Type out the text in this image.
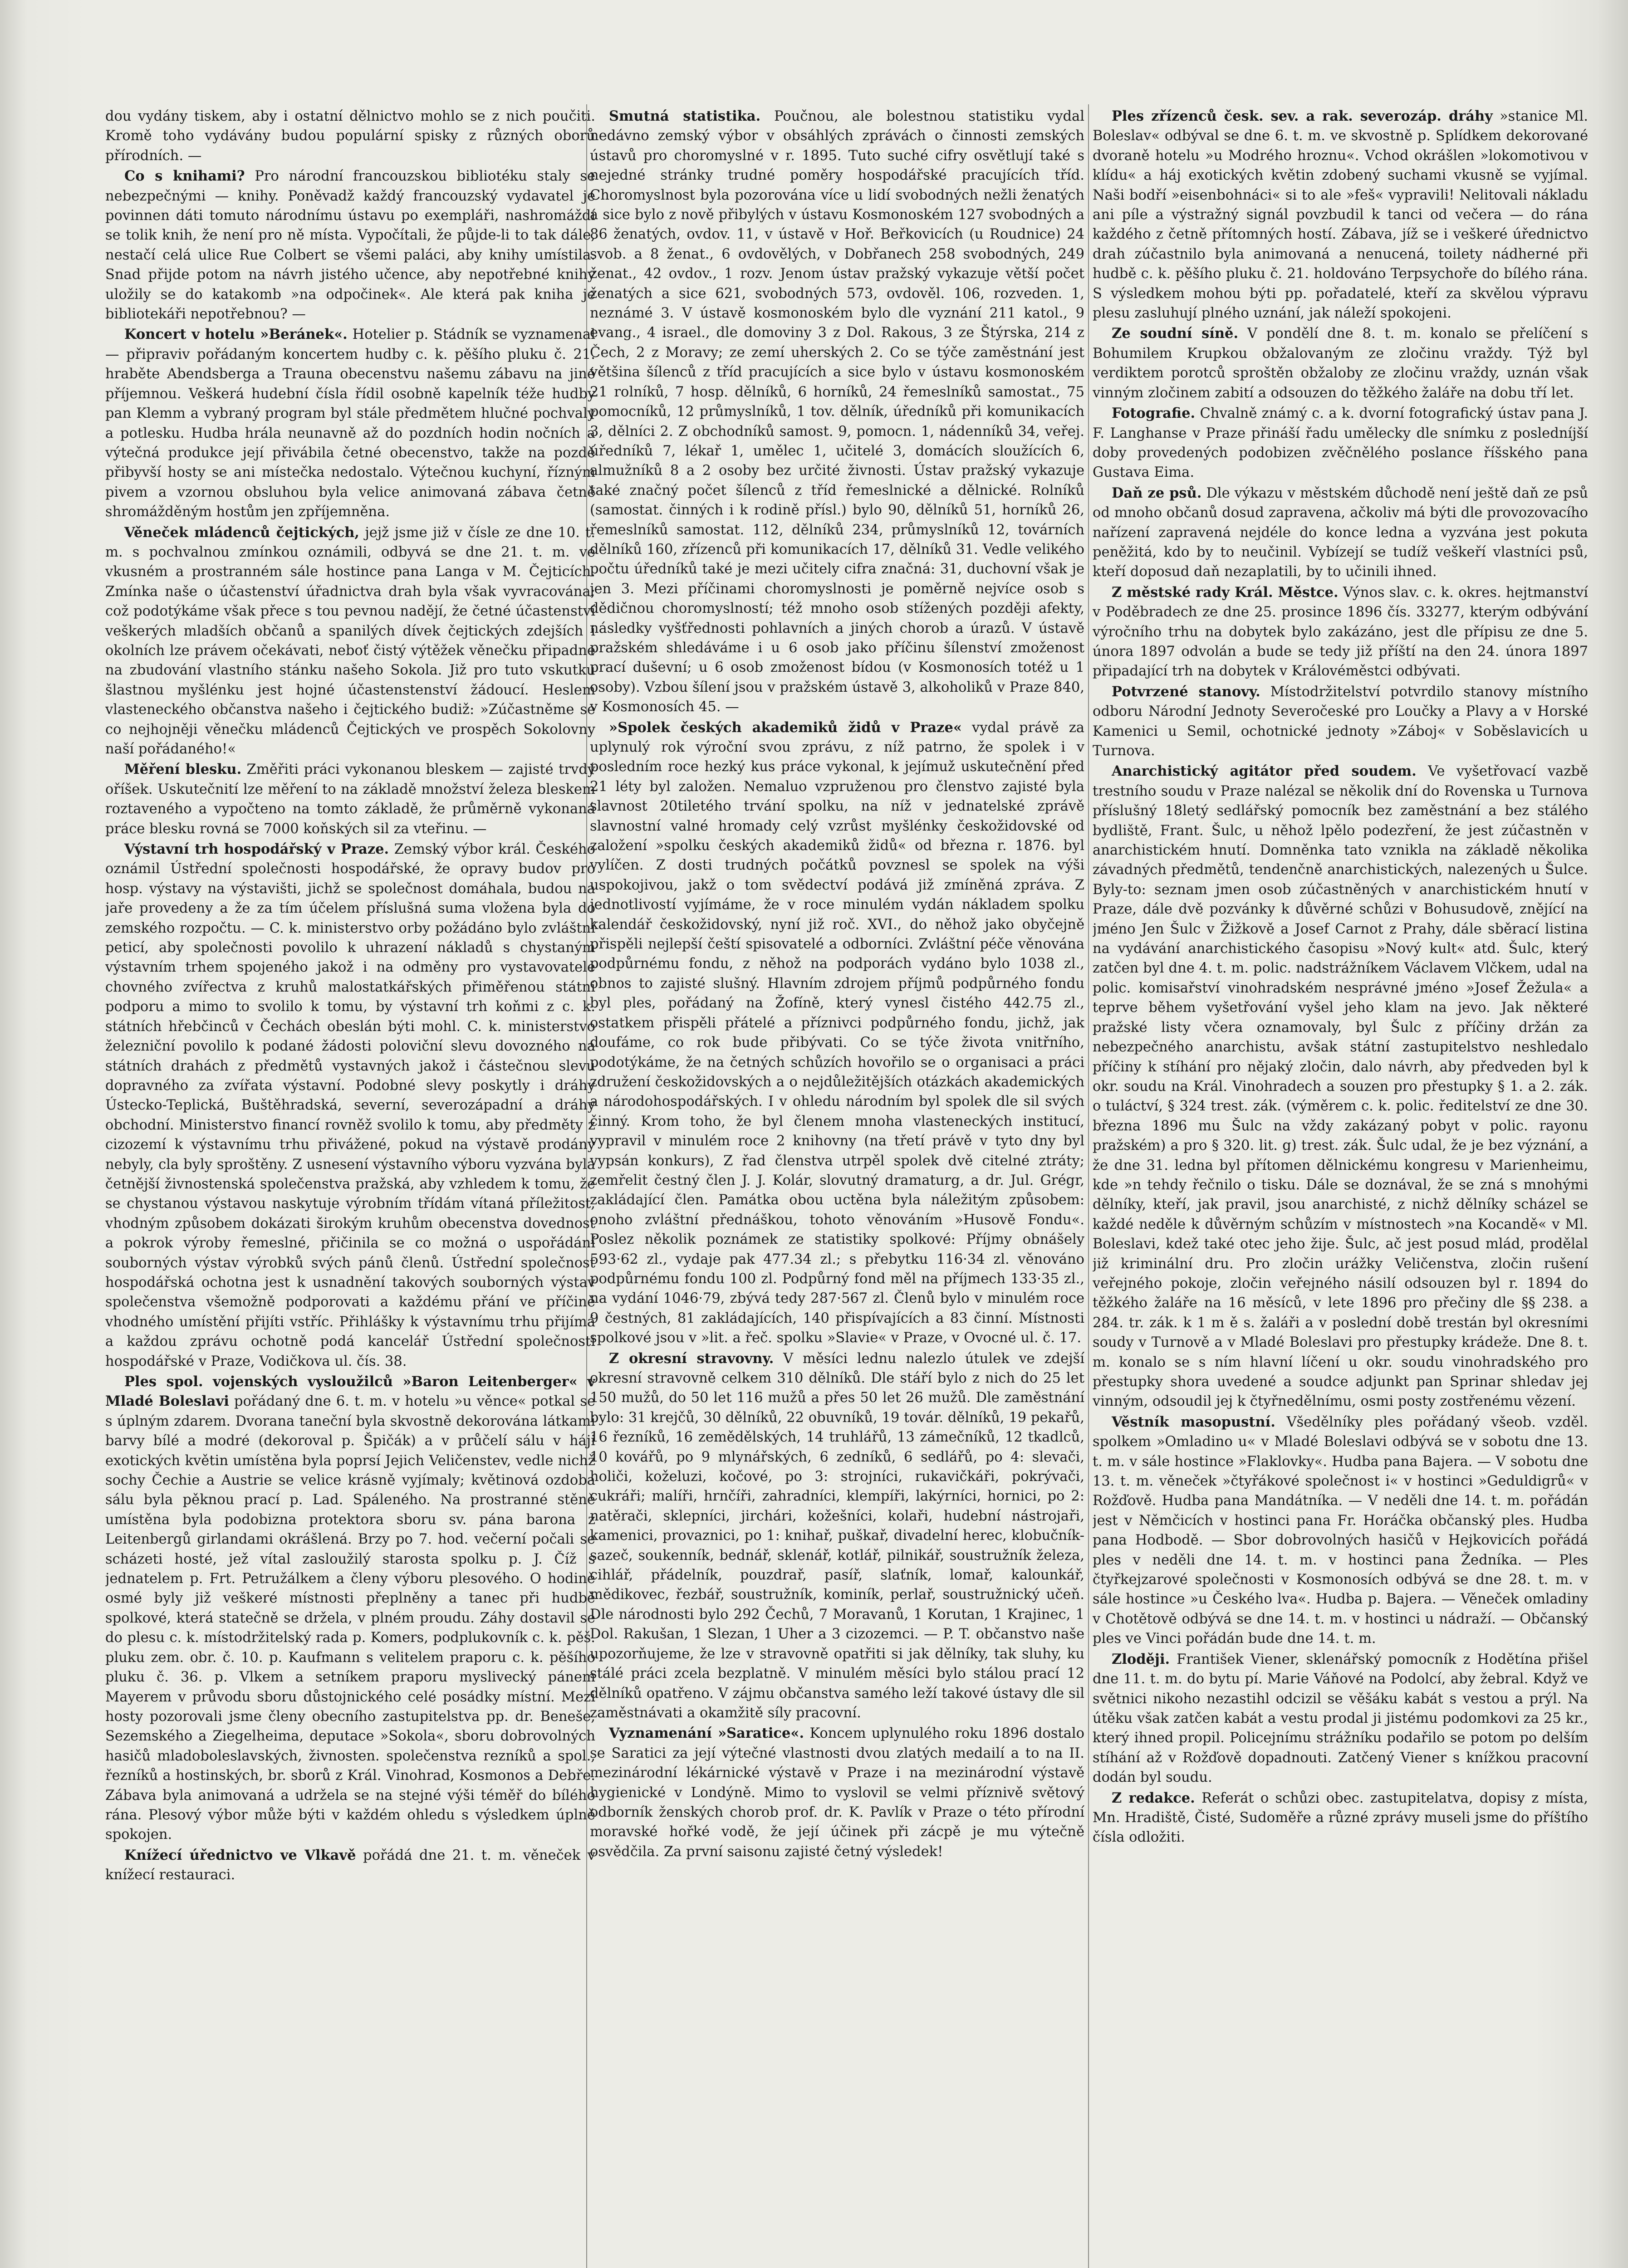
dou vydány tiskem, aby i ostatní dělnictvo mohlo se z nich poučiti. Kromě toho vydávány budou populární spisky z různých oborů přírodních. —

Co s knihami? Pro národní francouzskou bibliotéku staly se nebezpečnými — knihy. Poněvadž každý francouzský vydavatel je povinnen dáti tomuto národnímu ústavu po exempláři, nashromáždí se tolik knih, že není pro ně místa. Vypočítali, že půjde-li to tak dále, nestačí celá ulice Rue Colbert se všemi paláci, aby knihy umístila. Snad přijde potom na návrh jistého učence, aby nepotřebné knihy uložily se do katakomb »na odpočinek«. Ale která pak kniha je bibliotekáři nepotřebnou? —

Koncert v hotelu »Beránek«. Hotelier p. Stádník se vyznamenal — připraviv pořádaným koncertem hudby c. k. pěšího pluku č. 21. hraběte Abendsberga a Trauna obecenstvu našemu zábavu na jiné příjemnou. Veškerá hudební čísla řídil osobně kapelník téže hudby pan Klemm a vybraný program byl stále předmětem hlučné pochvaly a potlesku. Hudba hrála neunavně až do pozdních hodin nočních a výtečná produkce její přivábila četné obecenstvo, takže na pozdě přibyvší hosty se ani místečka nedostalo. Výtečnou kuchyní, řízným pivem a vzornou obsluhou byla velice animovaná zábava četně shromážděným hostům jen zpříjemněna.

Věneček mládenců čejtických, jejž jsme již v čísle ze dne 10. t. m. s pochvalnou zmínkou oznámili, odbyvá se dne 21. t. m. ve vkusném a prostranném sále hostince pana Langa v M. Čejticích. Zmínka naše o účastenství úřadnictva drah byla však vyvracována; což podotýkáme však přece s tou pevnou nadějí, že četné účastenství veškerých mladších občanů a spanilých dívek čejtických zdejších i okolních lze právem očekávati, neboť čistý výtěžek věnečku připadne na zbudování vlastního stánku našeho Sokola. Již pro tuto vskutku šlastnou myšlénku jest hojné účastenstenství žádoucí. Heslem vlasteneckého občanstva našeho i čejtického budiž: »Zúčastněme se co nejhojněji věnečku mládenců Čejtických ve prospěch Sokolovny naší pořádaného!«

Měření blesku. Změřiti práci vykonanou bleskem — zajisté trvdý oříšek. Uskutečnití lze měření to na základě množství železa bleskem roztaveného a vypočteno na tomto základě, že průměrně vykonaná práce blesku rovná se 7000 koňských sil za vteřinu. —

Výstavní trh hospodářský v Praze. Zemský výbor král. Českého oznámil Ústřední společnosti hospodářské, že opravy budov pro hosp. výstavy na výstavišti, jichž se společnost domáhala, budou na jaře provedeny a že za tím účelem příslušná suma vložena byla do zemského rozpočtu. — C. k. ministerstvo orby požádáno bylo zvláštní peticí, aby společnosti povolilo k uhrazení nákladů s chystaným výstavním trhem spojeného jakož i na odměny pro vystavovatele chovného zvířectva z kruhů malostatkářských přiměřenou státní podporu a mimo to svolilo k tomu, by výstavní trh koňmi z c. k. státních hřebčinců v Čechách obeslán býti mohl. C. k. ministerstvo železniční povolilo k podané žádosti poloviční slevu dovozného na státních drahách z předmětů vystavných jakož i částečnou slevu dopravného za zvířata výstavní. Podobné slevy poskytly i dráhy Ústecko-Teplická, Buštěhradská, severní, severozápadní a dráhy obchodní. Ministerstvo financí rovněž svolilo k tomu, aby předměty z cizozemí k výstavnímu trhu přivážené, pokud na výstavě prodány nebyly, cla byly sproštěny. Z usnesení výstavního výboru vyzvána byla četnější živnostenská společenstva pražská, aby vzhledem k tomu, že se chystanou výstavou naskytuje výrobním třídám vítaná příležitost, vhodným způsobem dokázati širokým kruhům obecenstva dovednost a pokrok výroby řemeslné, přičinila se co možná o uspořádání souborných výstav výrobků svých pánů členů. Ústřední společnost hospodářská ochotna jest k usnadnění takových souborných výstav společenstva všemožně podporovati a každému přání ve příčině vhodného umístění přijíti vstříc. Přihlášky k výstavnímu trhu přijímá a každou zprávu ochotně podá kancelář Ústřední společnosti hospodářské v Praze, Vodičkova ul. čís. 38.

Ples spol. vojenských vysloužilců »Baron Leitenberger« v Mladé Boleslavi pořádaný dne 6. t. m. v hotelu »u věnce« potkal se s úplným zdarem. Dvorana taneční byla skvostně dekorována látkami barvy bílé a modré (dekoroval p. Špičák) a v průčelí sálu v háji exotických květin umístěna byla poprsí Jejich Veličenstev, vedle nichž sochy Čechie a Austrie se velice krásně vyjímaly; květinová ozdoba sálu byla pěknou prací p. Lad. Spáleného. Na prostranné stěně umístěna byla podobizna protektora sboru sv. pána barona z Leitenbergů girlandami okrášlená. Brzy po 7. hod. večerní počali se scházeti hosté, jež vítal zasloužilý starosta spolku p. J. Číž s jednatelem p. Frt. Petružálkem a členy výboru plesového. O hodině osmé byly již veškeré místnosti přeplněny a tanec při hudbě spolkové, která statečně se držela, v plném proudu. Záhy dostavil se do plesu c. k. místodržitelský rada p. Komers, podplukovník c. k. pěš. pluku zem. obr. č. 10. p. Kaufmann s velitelem praporu c. k. pěšího pluku č. 36. p. Vlkem a setníkem praporu myslivecký pánem Mayerem v průvodu sboru důstojnického celé posádky místní. Mezi hosty pozorovali jsme členy obecního zastupitelstva pp. dr. Beneše, Sezemského a Ziegelheima, deputace »Sokola«, sboru dobrovolných hasičů mladoboleslavských, živnosten. společenstva rezníků a spol., řezníků a hostinských, br. sborů z Král. Vinohrad, Kosmonos a Debře. Zábava byla animovaná a udržela se na stejné výši téměř do bílého rána. Plesový výbor může býti v každém ohledu s výsledkem úplně spokojen.

Knížecí úřednictvo ve Vlkavě pořádá dne 21. t. m. věneček v knížecí restauraci.

Smutná statistika. Poučnou, ale bolestnou statistiku vydal nedávno zemský výbor v obsáhlých zprávách o činnosti zemských ústavů pro choromyslné v r. 1895. Tuto suché cifry osvětlují také s nejedné stránky trudné poměry hospodářské pracujících tříd. Choromyslnost byla pozorována více u lidí svobodných nežli ženatých a sice bylo z nově přibylých v ústavu Kosmonoském 127 svobodných a 86 ženatých, ovdov. 11, v ústavě v Hoř. Beřkovicích (u Roudnice) 24 svob. a 8 ženat., 6 ovdovělých, v Dobřanech 258 svobodných, 249 ženat., 42 ovdov., 1 rozv. Jenom ústav pražský vykazuje větší počet ženatých a sice 621, svobodných 573, ovdověl. 106, rozveden. 1, neznámé 3. V ústavě kosmonoském bylo dle vyznání 211 katol., 9 evang., 4 israel., dle domoviny 3 z Dol. Rakous, 3 ze Štýrska, 214 z Čech, 2 z Moravy; ze zemí uherských 2. Co se týče zaměstnání jest většina šílenců z tříd pracujících a sice bylo v ústavu kosmonoském 21 rolníků, 7 hosp. dělníků, 6 horníků, 24 řemeslníků samostat., 75 pomocníků, 12 průmyslníků, 1 tov. dělník, úředníků při komunikacích 3, dělníci 2. Z obchodníků samost. 9, pomocn. 1, nádenníků 34, veřej. úředníků 7, lékař 1, umělec 1, učitelé 3, domácích sloužících 6, almužníků 8 a 2 osoby bez určité živnosti. Ústav pražský vykazuje také značný počet šílenců z tříd řemeslnické a dělnické. Rolníků (samostat. činných i k rodině přísl.) bylo 90, dělníků 51, horníků 26, řemeslníků samostat. 112, dělníků 234, průmyslníků 12, továrních dělníků 160, zřízenců při komunikacích 17, dělníků 31. Vedle velikého počtu úředníků také je mezi učitely cifra značná: 31, duchovní však je jen 3. Mezi příčinami choromyslnosti je poměrně nejvíce osob s dědičnou choromyslností; též mnoho osob stížených později afekty, následky vyšťřednosti pohlavních a jiných chorob a úrazů. V ústavě pražském shledáváme i u 6 osob jako příčinu šílenství zmoženost prací duševní; u 6 osob zmoženost bídou (v Kosmonosích totéž u 1 osoby). Vzbou šílení jsou v pražském ústavě 3, alkoholiků v Praze 840, v Kosmonosích 45. —

»Spolek českých akademiků židů v Praze« vydal právě za uplynulý rok výroční svou zprávu, z níž patrno, že spolek i v posledním roce hezký kus práce vykonal, k jejímuž uskutečnění před 21 léty byl založen. Nemaluo vzpruženou pro členstvo zajisté byla slavnost 20tiletého trvání spolku, na níž v jednatelské zprávě slavnostní valné hromady celý vzrůst myšlénky českožidovské od založení »spolku českých akademiků židů« od března r. 1876. byl vylíčen. Z dosti trudných počátků povznesl se spolek na výši uspokojivou, jakž o tom svědectví podává již zmíněná zpráva. Z jednotlivostí vyjímáme, že v roce minulém vydán nákladem spolku kalendář českožidovský, nyní již roč. XVI., do něhož jako obyčejně přispěli nejlepší čeští spisovatelé a odborníci. Zvláštní péče věnována podpůrnému fondu, z něhož na podporách vydáno bylo 1038 zl., obnos to zajisté slušný. Hlavním zdrojem příjmů podpůrného fondu byl ples, pořádaný na Žofíně, který vynesl čistého 442.75 zl., ostatkem přispěli přátelé a příznivci podpůrného fondu, jichž, jak doufáme, co rok bude přibývati. Co se týče života vnitřního, podotýkáme, že na četných schůzích hovořilo se o organisaci a práci združení českožidovských a o nejdůležitějších otázkách akademických a národohospodářských. I v ohledu národním byl spolek dle sil svých činný. Krom toho, že byl členem mnoha vlasteneckých institucí, vypravil v minulém roce 2 knihovny (na třetí právě v tyto dny byl vypsán konkurs), Z řad členstva utrpěl spolek dvě citelné ztráty; zemřelit čestný člen J. J. Kolár, slovutný dramaturg, a dr. Jul. Grégr, zakládající člen. Památka obou uctěna byla náležitým způsobem: onoho zvláštní přednáškou, tohoto věnováním »Husově Fondu«. Poslez několik poznámek ze statistiky spolkové: Příjmy obnášely 593·62 zl., vydaje pak 477.34 zl.; s přebytku 116·34 zl. věnováno podpůrnému fondu 100 zl. Podpůrný fond měl na příjmech 133·35 zl., na vydání 1046·79, zbývá tedy 287·567 zl. Členů bylo v minulém roce 9 čestných, 81 zakládajících, 140 přispívajících a 83 činní. Místnosti spolkové jsou v »lit. a řeč. spolku »Slavie« v Praze, v Ovocné ul. č. 17.

Z okresní stravovny. V měsíci lednu nalezlo útulek ve zdejší okresní stravovně celkem 310 dělníků. Dle stáří bylo z nich do 25 let 150 mužů, do 50 let 116 mužů a přes 50 let 26 mužů. Dle zaměstnání bylo: 31 krejčů, 30 dělníků, 22 obuvníků, 19 továr. dělníků, 19 pekařů, 16 řezníků, 16 zemědělských, 14 truhlářů, 13 zámečníků, 12 tkadlců, 10 kovářů, po 9 mlynářských, 6 zedníků, 6 sedlářů, po 4: slevači, holiči, koželuzi, kočové, po 3: strojníci, rukavičkáři, pokrývači, cukráři; malíři, hrnčíři, zahradníci, klempíři, lakýrníci, hornici, po 2: natěrači, sklepníci, jirchári, kožešníci, kolaři, hudební nástrojaři, kamenici, provaznici, po 1: knihař, puškař, divadelní herec, klobučník-sazeč, soukenník, bednář, sklenář, kotlář, pilnikář, soustružník železa, cihlář, přádelník, pouzdrař, pasíř, slaťník, lomař, kalounkář, mědikovec, řezbář, soustružník, kominík, perlař, soustružnický učeň. Dle národnosti bylo 292 Čechů, 7 Moravanů, 1 Korutan, 1 Krajinec, 1 Dol. Rakušan, 1 Slezan, 1 Uher a 3 cizozemci. — P. T. občanstvo naše upozorňujeme, že lze v stravovně opatřiti si jak dělníky, tak sluhy, ku stálé práci zcela bezplatně. V minulém měsíci bylo stálou prací 12 dělníků opatřeno. V zájmu občanstva samého leží takové ústavy dle sil zaměstnávati a okamžitě síly pracovní.

Vyznamenání »Saratice«. Koncem uplynulého roku 1896 dostalo se Saratici za její výtečné vlastnosti dvou zlatých medailí a to na II. mezinárodní lékárnické výstavě v Praze i na mezinárodní výstavě hygienické v Londýně. Mimo to vyslovil se velmi příznivě světový odborník ženských chorob prof. dr. K. Pavlík v Praze o této přírodní moravské hořké vodě, že její účinek při zácpě je mu výtečně osvědčila. Za první saisonu zajisté četný výsledek!

Ples zřízenců česk. sev. a rak. severozáp. dráhy »stanice Ml. Boleslav« odbýval se dne 6. t. m. ve skvostně p. Splídkem dekorované dvoraně hotelu »u Modrého hroznu«. Vchod okrášlen »lokomotivou v klídu« a háj exotických květin zdobený suchami vkusně se vyjímal. Naši bodří »eisenbohnáci« si to ale »feš« vypravili! Nelitovali nákladu ani píle a výstražný signál povzbudil k tanci od večera — do rána každého z četně přítomných hostí. Zábava, jíž se i veškeré úřednictvo drah zúčastnilo byla animovaná a nenucená, toilety nádherné při hudbě c. k. pěšího pluku č. 21. holdováno Terpsychoře do bílého rána. S výsledkem mohou býti pp. pořadatelé, kteří za skvělou výpravu plesu zasluhují plného uznání, jak náleží spokojeni.

Ze soudní síně. V pondělí dne 8. t. m. konalo se přelíčení s Bohumilem Krupkou obžalovaným ze zločinu vraždy. Týž byl verdiktem porotců sproštěn obžaloby ze zločinu vraždy, uznán však vinným zločinem zabití a odsouzen do těžkého žaláře na dobu tří let.

Fotografie. Chvalně známý c. a k. dvorní fotografický ústav pana J. F. Langhanse v Praze přináší řadu umělecky dle snímku z posledníjší doby provedených podobizen zvěčnělého poslance říšského pana Gustava Eima.

Daň ze psů. Dle výkazu v městském důchodě není ještě daň ze psů od mnoho občanů dosud zapravena, ačkoliv má býti dle provozovacího nařízení zapravená nejdéle do konce ledna a vyzvána jest pokuta peněžitá, kdo by to neučinil. Vybízejí se tudíž veškeří vlastníci psů, kteří doposud daň nezaplatili, by to učinili ihned.

Z městské rady Král. Městce. Výnos slav. c. k. okres. hejtmanství v Poděbradech ze dne 25. prosince 1896 čís. 33277, kterým odbývání výročního trhu na dobytek bylo zakázáno, jest dle přípisu ze dne 5. února 1897 odvolán a bude se tedy již příští na den 24. února 1897 připadající trh na dobytek v Královéměstci odbývati.

Potvrzené stanovy. Místodržitelství potvrdilo stanovy místního odboru Národní Jednoty Severočeské pro Loučky a Plavy a v Horské Kamenici u Semil, ochotnické jednoty »Záboj« v Soběslavicích u Turnova.

Anarchistický agitátor před soudem. Ve vyšetřovací vazbě trestního soudu v Praze nalézal se několik dní do Rovenska u Turnova příslušný 18letý sedlářský pomocník bez zaměstnání a bez stálého bydliště, Frant. Šulc, u něhož lpělo podezření, že jest zúčastněn v anarchistickém hnutí. Domněnka tato vznikla na základě několika závadných předmětů, tendenčně anarchistických, nalezených u Šulce. Byly-to: seznam jmen osob zúčastněných v anarchistickém hnutí v Praze, dále dvě pozvánky k důvěrné schůzi v Bohusudově, znějící na jméno Jen Šulc v Žižkově a Josef Carnot z Prahy, dále sběrací listina na vydávání anarchistického časopisu »Nový kult« atd. Šulc, který zatčen byl dne 4. t. m. polic. nadstrážníkem Václavem Vlčkem, udal na polic. komisařství vinohradském nesprávné jméno »Josef Žežula« a teprve během vyšetřování vyšel jeho klam na jevo. Jak některé pražské listy včera oznamovaly, byl Šulc z příčiny držán za nebezpečného anarchistu, avšak státní zastupitelstvo neshledalo příčiny k stíhání pro nějaký zločin, dalo návrh, aby předveden byl k okr. soudu na Král. Vinohradech a souzen pro přestupky § 1. a 2. zák. o tuláctví, § 324 trest. zák. (výměrem c. k. polic. ředitelství ze dne 30. března 1896 mu Šulc na vždy zakázaný pobyt v polic. rayonu pražském) a pro § 320. lit. g) trest. zák. Šulc udal, že je bez význání, a že dne 31. ledna byl přítomen dělnickému kongresu v Marienheimu, kde »n tehdy řečnilo o tisku. Dále se doznával, že se zná s mnohými dělníky, kteří, jak pravil, jsou anarchisté, z nichž dělníky scházel se každé neděle k důvěrným schůzím v místnostech »na Kocandě« v Ml. Boleslavi, kdež také otec jeho žije. Šulc, ač jest posud mlád, prodělal již kriminální dru. Pro zločin urážky Veličenstva, zločin rušení veřejného pokoje, zločin veřejného násilí odsouzen byl r. 1894 do těžkého žaláře na 16 měsíců, v lete 1896 pro přečiny dle §§ 238. a 284. tr. zák. k 1 m ě s. žaláři a v poslední době trestán byl okresními soudy v Turnově a v Mladé Boleslavi pro přestupky krádeže. Dne 8. t. m. konalo se s ním hlavní líčení u okr. soudu vinohradského pro přestupky shora uvedené a soudce adjunkt pan Sprinar shledav jej vinným, odsoudil jej k čtyřnedělnímu, osmi posty zostřenému vězení.

Věstník masopustní. Všedělníky ples pořádaný všeob. vzděl. spolkem »Omladino u« v Mladé Boleslavi odbývá se v sobotu dne 13. t. m. v sále hostince »Flaklovky«. Hudba pana Bajera. — V sobotu dne 13. t. m. věneček »čtyřákové společnost i« v hostinci »Geduldigrů« v Rožďově. Hudba pana Mandátníka. — V neděli dne 14. t. m. pořádán jest v Němčicích v hostinci pana Fr. Horáčka občanský ples. Hudba pana Hodbodě. — Sbor dobrovolných hasičů v Hejkovicích pořádá ples v neděli dne 14. t. m. v hostinci pana Žedníka. — Ples čtyřkejzarové společnosti v Kosmonosích odbývá se dne 28. t. m. v sále hostince »u Českého lva«. Hudba p. Bajera. — Věneček omladiny v Chotětově odbývá se dne 14. t. m. v hostinci u nádraží. — Občanský ples ve Vinci pořádán bude dne 14. t. m.

Zloději. František Viener, sklenářský pomocník z Hodětína přišel dne 11. t. m. do bytu pí. Marie Váňové na Podolcí, aby žebral. Když ve světnici nikoho nezastihl odcizil se věšáku kabát s vestou a prýl. Na útěku však zatčen kabát a vestu prodal ji jistému podomkovi za 25 kr., který ihned propil. Policejnímu strážníku podařilo se potom po delším stíhání až v Rožďově dopadnouti. Zatčený Viener s knížkou pracovní dodán byl soudu.

Z redakce. Referát o schůzi obec. zastupitelatva, dopisy z místa, Mn. Hradiště, Čisté, Sudoměře a různé zprávy museli jsme do příštího čísla odložiti.
